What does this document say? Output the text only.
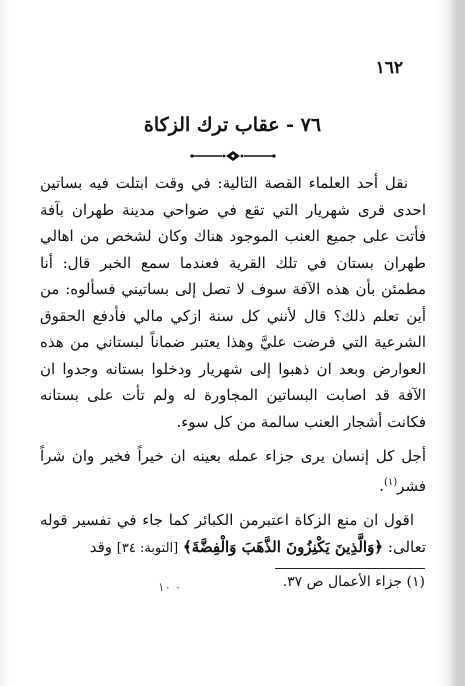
١٦٢
٧٦ - عقاب ترك الزكاة

نقل أحد العلماء القصة التالية: في وقت ابتلت فيه بساتين احدى قرى شهريار التي تقع في ضواحي مدينة طهران بآفة فأتت على جميع العنب الموجود هناك وكان لشخص من اهالي طهران بستان في تلك القرية فعندما سمع الخبر قال: أنا مطمئن بأن هذه الآفة سوف لا تصل إلى بساتيني فسألوه: من أين تعلم ذلك؟ قال لأنني كل سنة ازكي مالي فأدفع الحقوق الشرعية التي فرضت عليَّ وهذا يعتبر ضماناً لبستاني من هذه العوارض وبعد ان ذهبوا إلى شهريار ودخلوا بستانه وجدوا ان الآفة قد اصابت البساتين المجاورة له ولم تأت على بستانه فكانت أشجار العنب سالمة من كل سوء.

أجل كل إنسان يرى جزاء عمله بعينه ان خيراً فخير وان شراً فشر$^{(١)}$.

اقول ان منع الزكاة اعتبرمن الكبائر كما جاء في تفسير قوله تعالى: ﴿وَالَّذِينَ يَكْنِزُونَ الذَّهَبَ وَالْفِضَّةَ﴾ [التوبة: ٣٤] وقد

(١) جزاء الأعمال ص ٣٧.
٠ ١٠
